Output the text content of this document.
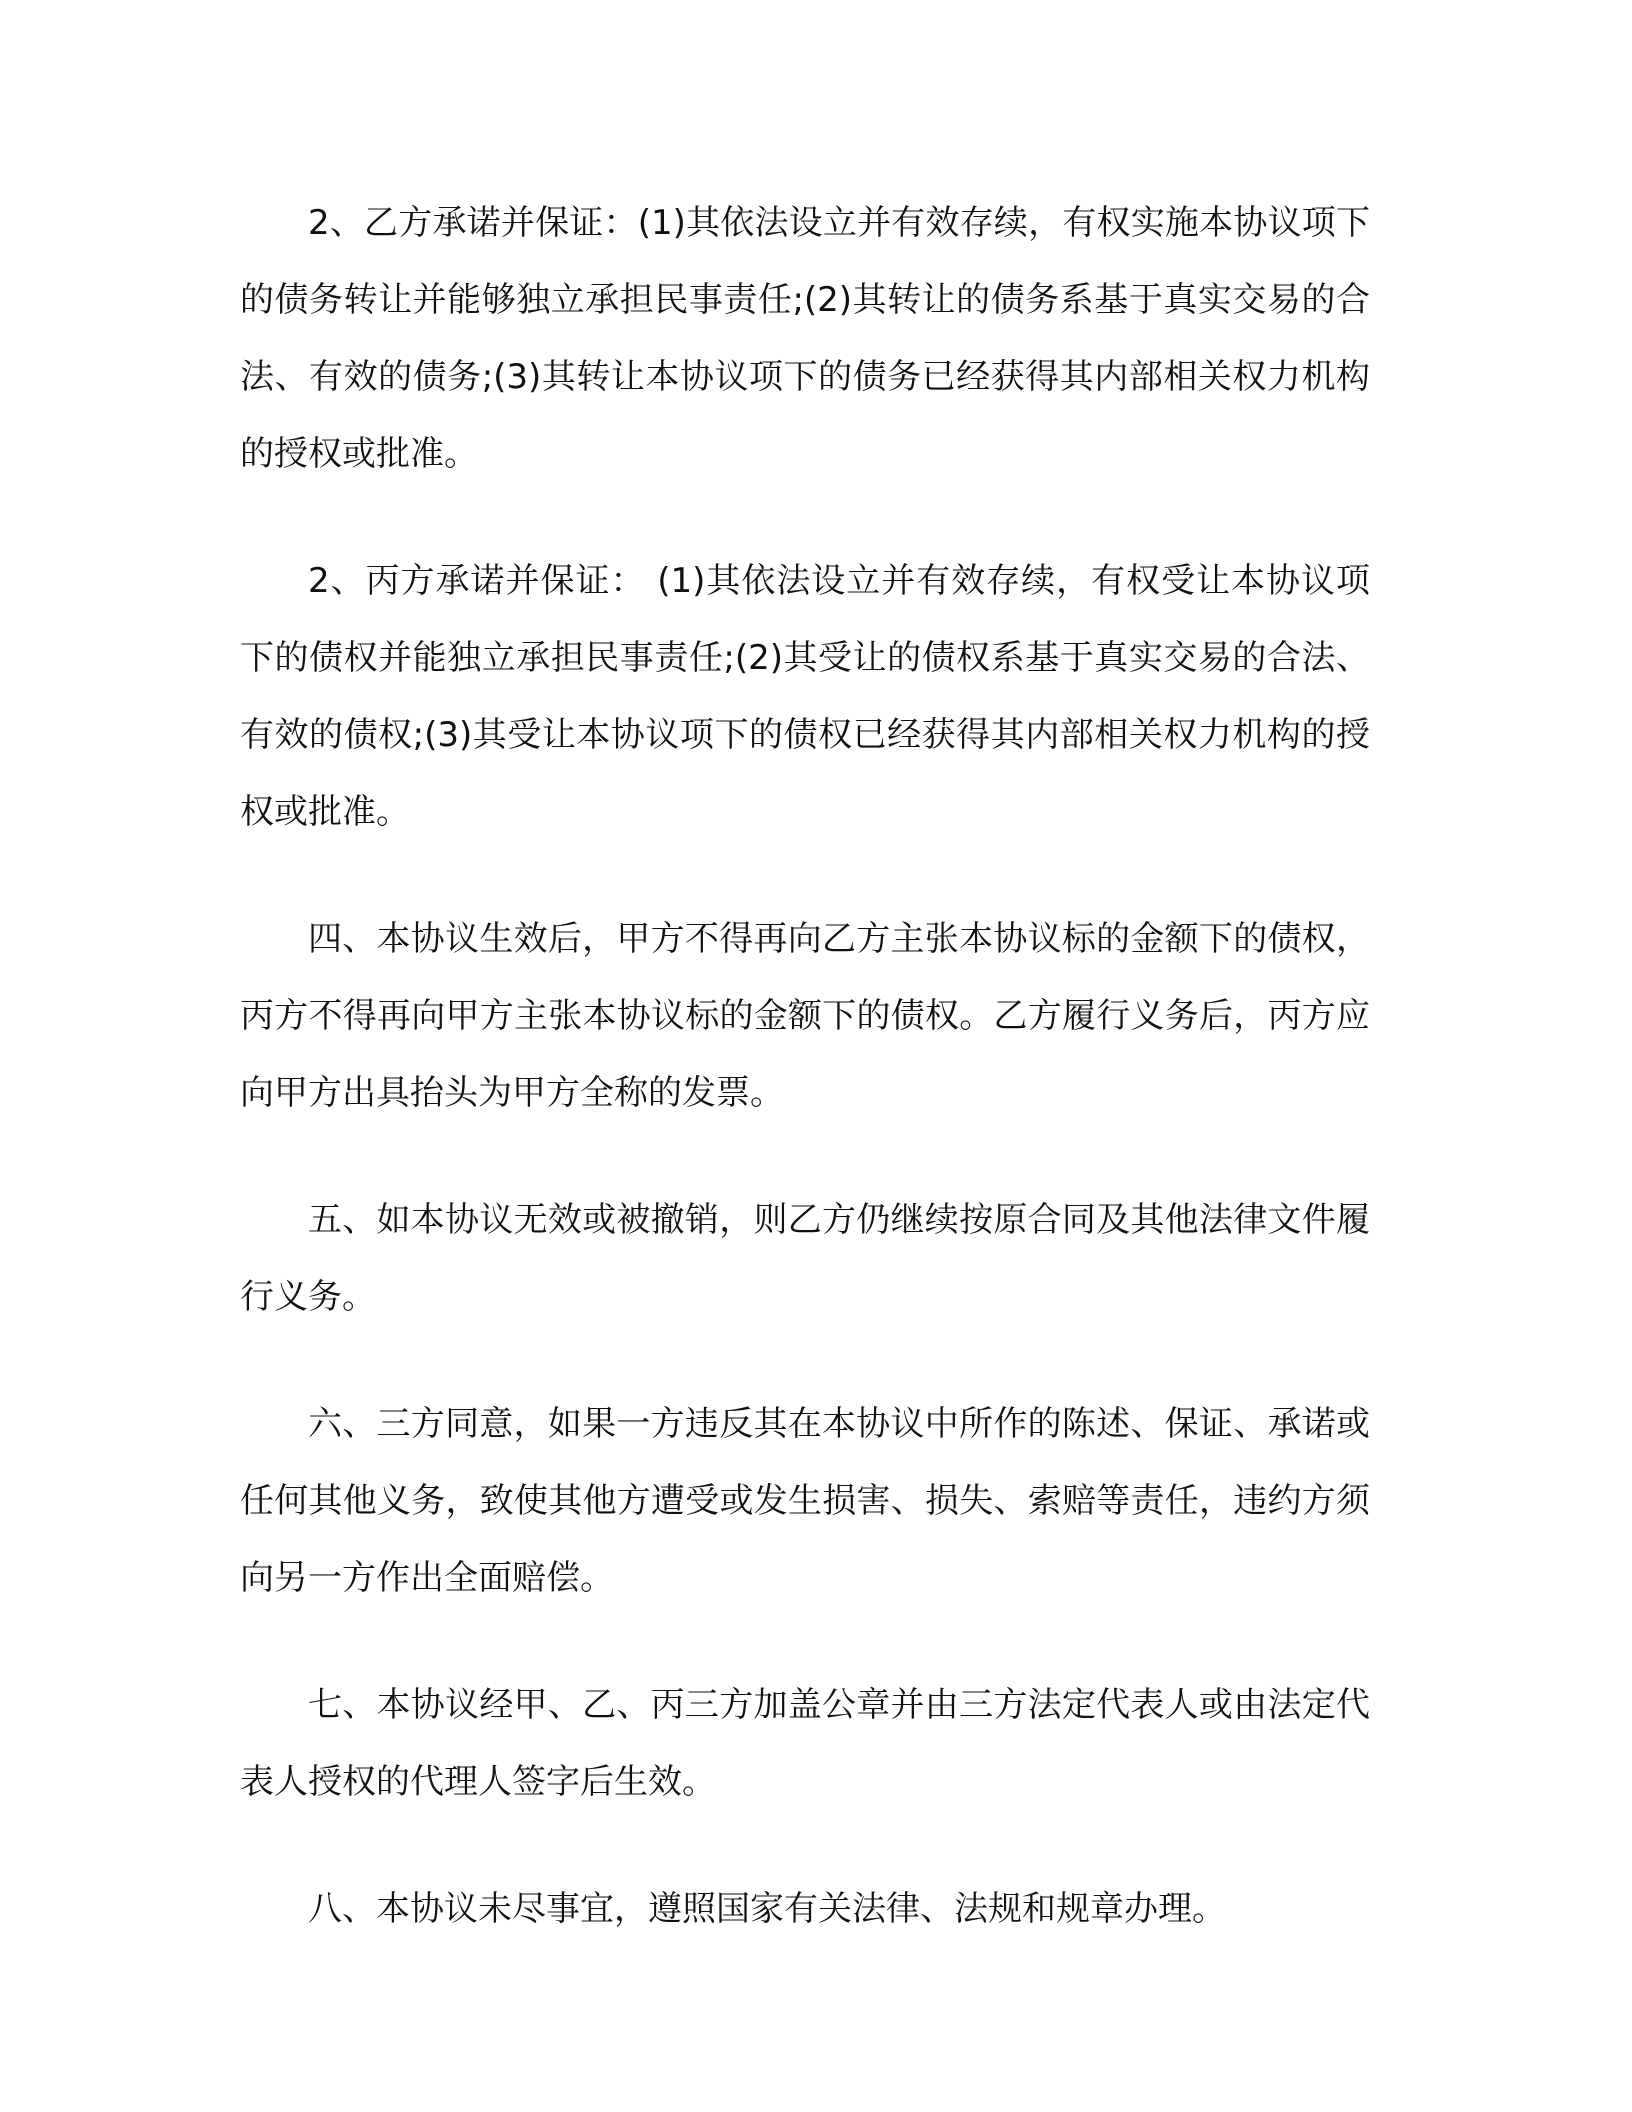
2、乙方承诺并保证：(1)其依法设立并有效存续，有权实施本协议项下的债务转让并能够独立承担民事责任;(2)其转让的债务系基于真实交易的合法、有效的债务;(3)其转让本协议项下的债务已经获得其内部相关权力机构的授权或批准。

2、丙方承诺并保证： (1)其依法设立并有效存续，有权受让本协议项下的债权并能独立承担民事责任;(2)其受让的债权系基于真实交易的合法、有效的债权;(3)其受让本协议项下的债权已经获得其内部相关权力机构的授权或批准。

四、本协议生效后，甲方不得再向乙方主张本协议标的金额下的债权，丙方不得再向甲方主张本协议标的金额下的债权。乙方履行义务后，丙方应向甲方出具抬头为甲方全称的发票。

五、如本协议无效或被撤销，则乙方仍继续按原合同及其他法律文件履行义务。

六、三方同意，如果一方违反其在本协议中所作的陈述、保证、承诺或任何其他义务，致使其他方遭受或发生损害、损失、索赔等责任，违约方须向另一方作出全面赔偿。

七、本协议经甲、乙、丙三方加盖公章并由三方法定代表人或由法定代表人授权的代理人签字后生效。

八、本协议未尽事宜，遵照国家有关法律、法规和规章办理。
